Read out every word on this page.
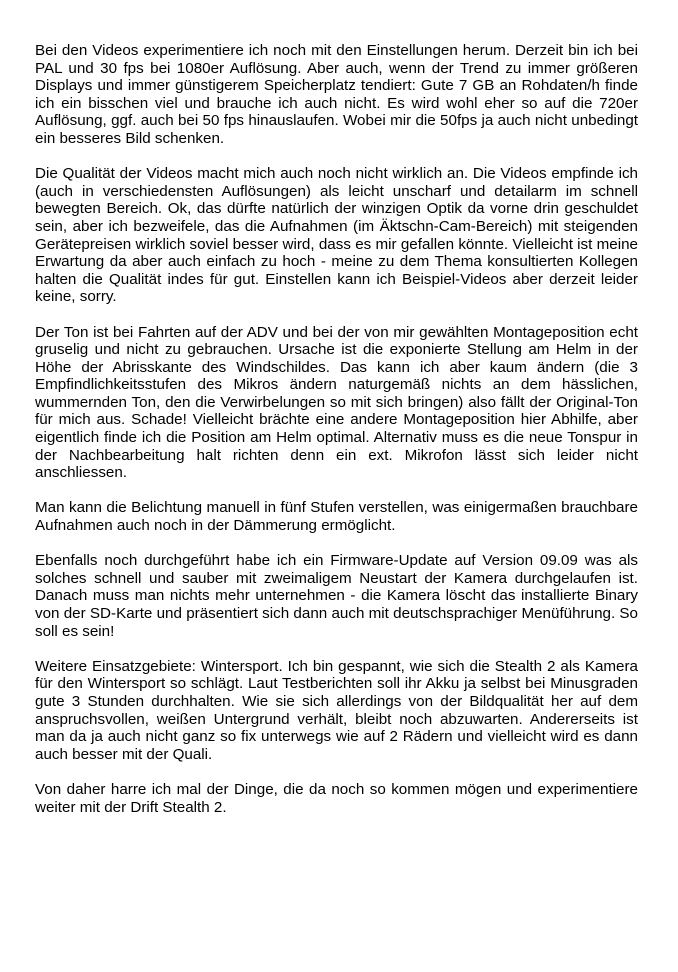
Bei den Videos experimentiere ich noch mit den Einstellungen herum. Derzeit bin ich bei PAL und 30 fps bei 1080er Auflösung. Aber auch, wenn der Trend zu immer größeren Displays und immer günstigerem Speicherplatz tendiert: Gute 7 GB an Rohdaten/h finde ich ein bisschen viel und brauche ich auch nicht. Es wird wohl eher so auf die 720er Auflösung, ggf. auch bei 50 fps hinauslaufen. Wobei mir die 50fps ja auch nicht unbedingt ein besseres Bild schenken.

Die Qualität der Videos macht mich auch noch nicht wirklich an. Die Videos empfinde ich (auch in verschiedensten Auflösungen) als leicht unscharf und detailarm im schnell bewegten Bereich. Ok, das dürfte natürlich der winzigen Optik da vorne drin geschuldet sein, aber ich bezweifele, das die Aufnahmen (im Äktschn-Cam-Bereich) mit steigenden Gerätepreisen wirklich soviel besser wird, dass es mir gefallen könnte. Vielleicht ist meine Erwartung da aber auch einfach zu hoch - meine zu dem Thema konsultierten Kollegen halten die Qualität indes für gut. Einstellen kann ich Beispiel-Videos aber derzeit leider keine, sorry.

Der Ton ist bei Fahrten auf der ADV und bei der von mir gewählten Montageposition echt gruselig und nicht zu gebrauchen. Ursache ist die exponierte Stellung am Helm in der Höhe der Abrisskante des Windschildes. Das kann ich aber kaum ändern (die 3 Empfindlichkeitsstufen des Mikros ändern naturgemäß nichts an dem hässlichen, wummernden Ton, den die Verwirbelungen so mit sich bringen) also fällt der Original-Ton für mich aus. Schade! Vielleicht brächte eine andere Montageposition hier Abhilfe, aber eigentlich finde ich die Position am Helm optimal. Alternativ muss es die neue Tonspur in der Nachbearbeitung halt richten denn ein ext. Mikrofon lässt sich leider nicht anschliessen.

Man kann die Belichtung manuell in fünf Stufen verstellen, was einigermaßen brauchbare Aufnahmen auch noch in der Dämmerung ermöglicht.

Ebenfalls noch durchgeführt habe ich ein Firmware-Update auf Version 09.09 was als solches schnell und sauber mit zweimaligem Neustart der Kamera durchgelaufen ist. Danach muss man nichts mehr unternehmen - die Kamera löscht das installierte Binary von der SD-Karte und präsentiert sich dann auch mit deutschsprachiger Menüführung. So soll es sein!

Weitere Einsatzgebiete: Wintersport. Ich bin gespannt, wie sich die Stealth 2 als Kamera für den Wintersport so schlägt. Laut Testberichten soll ihr Akku ja selbst bei Minusgraden gute 3 Stunden durchhalten. Wie sie sich allerdings von der Bildqualität her auf dem anspruchsvollen, weißen Untergrund verhält, bleibt noch abzuwarten. Andererseits ist man da ja auch nicht ganz so fix unterwegs wie auf 2 Rädern und vielleicht wird es dann auch besser mit der Quali.

Von daher harre ich mal der Dinge, die da noch so kommen mögen und experimentiere weiter mit der Drift Stealth 2.
